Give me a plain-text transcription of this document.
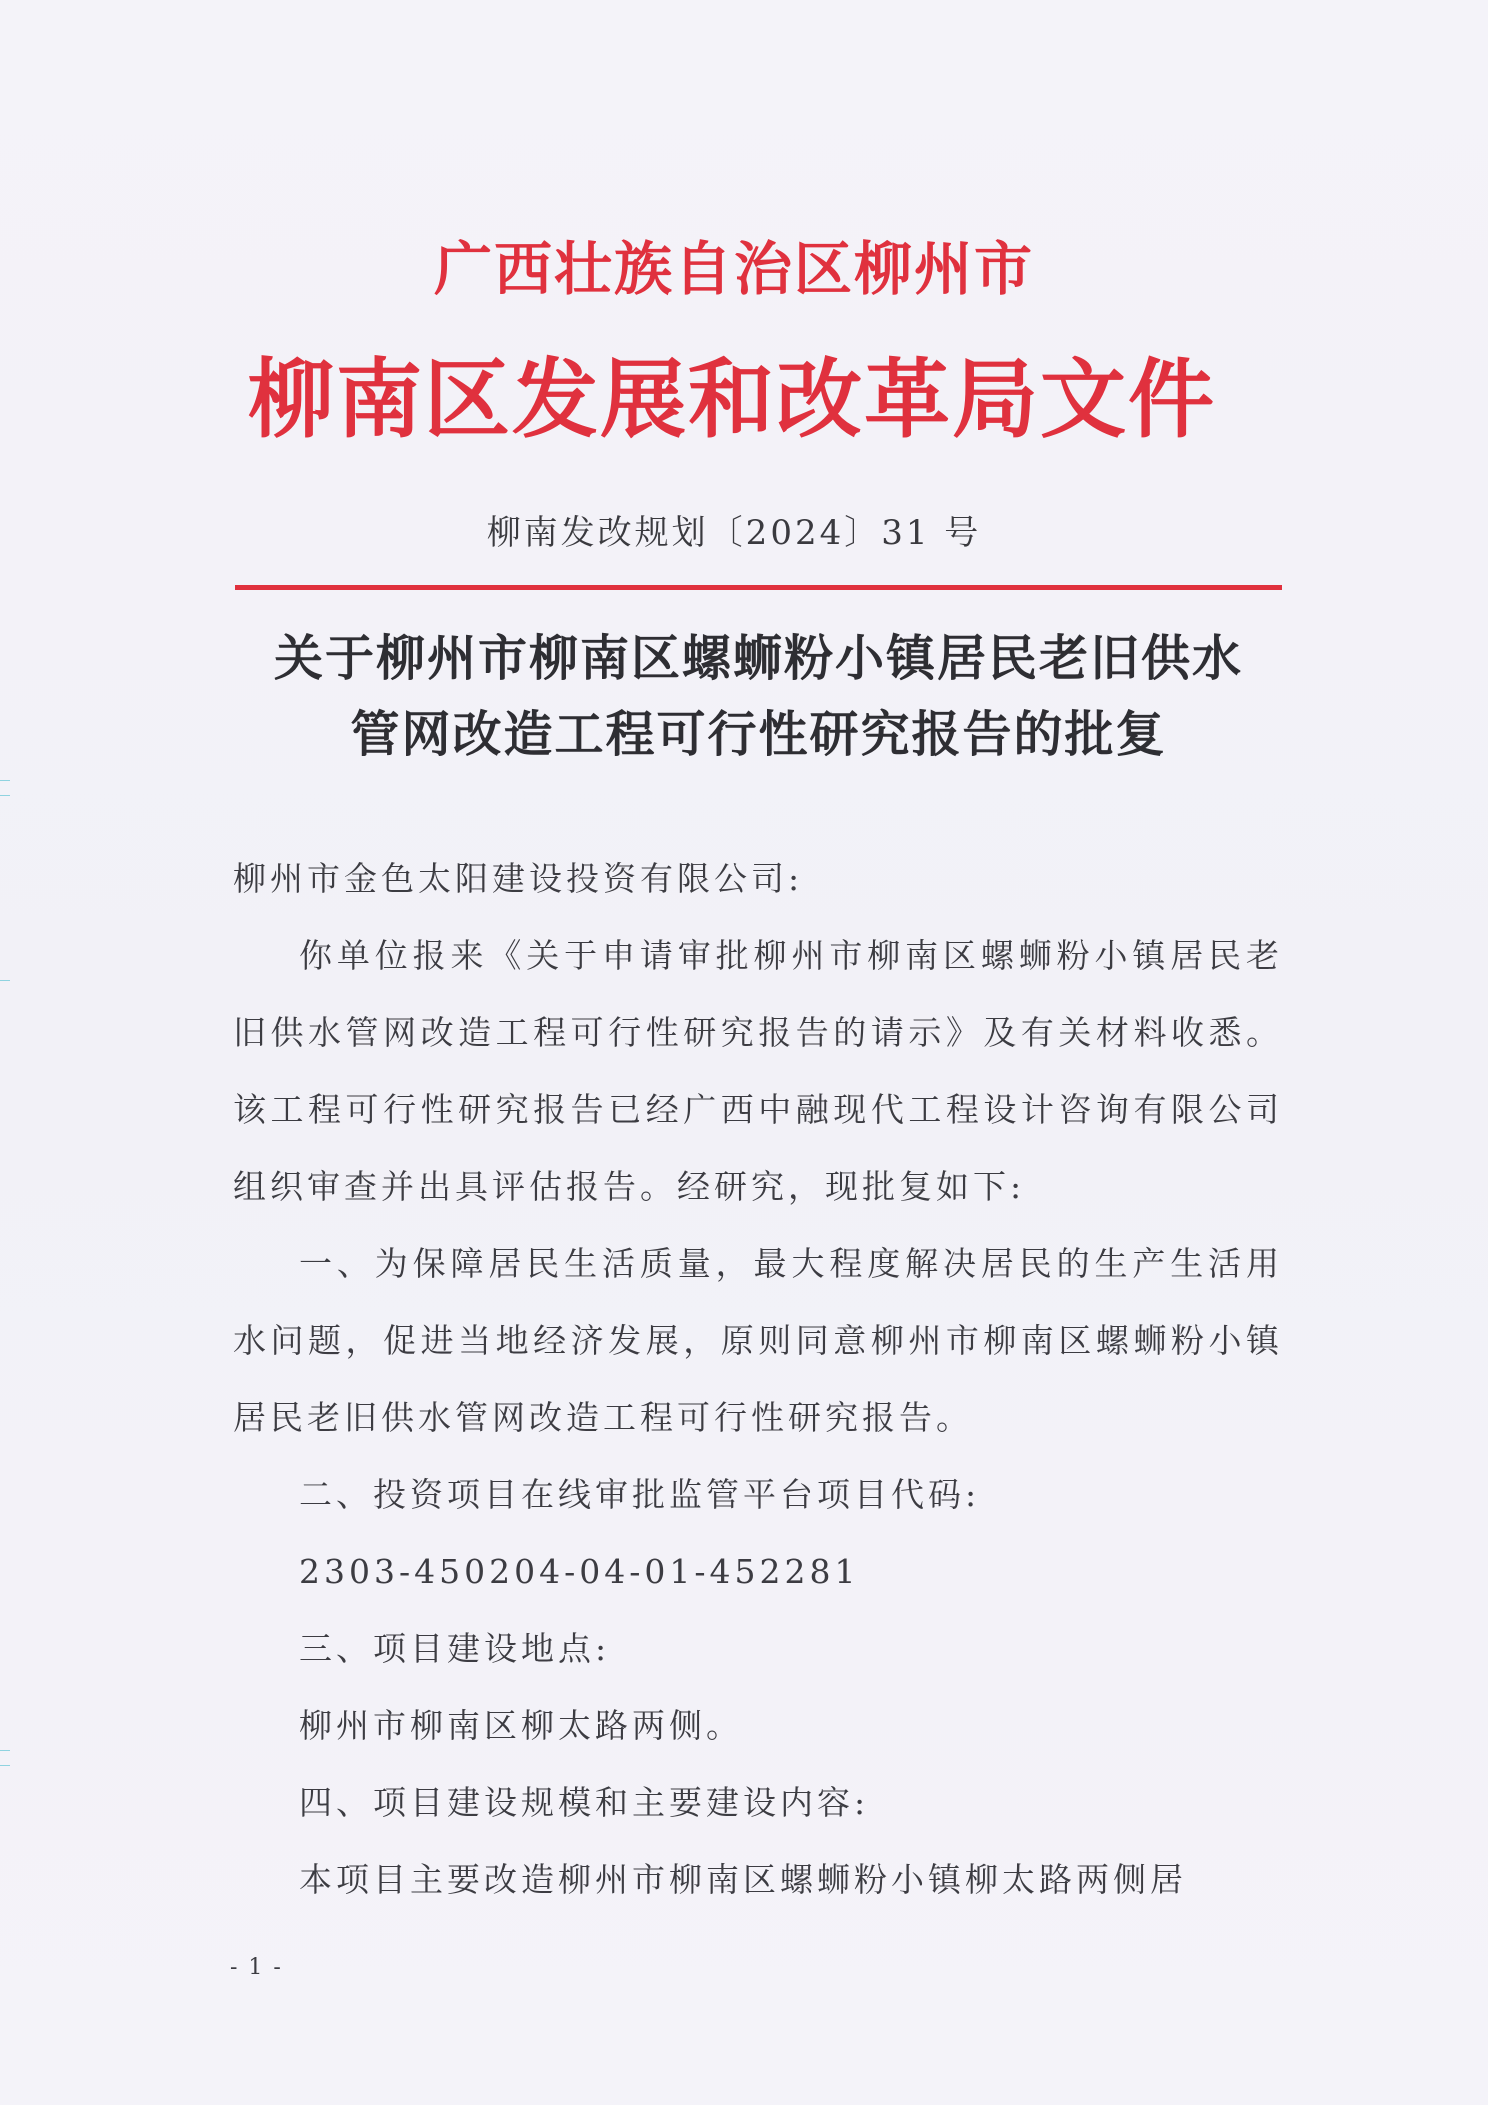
广西壮族自治区柳州市
柳南区发展和改革局文件
柳南发改规划〔2024〕31 号
关于柳州市柳南区螺蛳粉小镇居民老旧供水
管网改造工程可行性研究报告的批复

柳州市金色太阳建设投资有限公司:

你单位报来《关于申请审批柳州市柳南区螺蛳粉小镇居民老旧供水管网改造工程可行性研究报告的请示》及有关材料收悉。该工程可行性研究报告已经广西中融现代工程设计咨询有限公司组织审查并出具评估报告。经研究，现批复如下:

一、为保障居民生活质量，最大程度解决居民的生产生活用水问题，促进当地经济发展，原则同意柳州市柳南区螺蛳粉小镇居民老旧供水管网改造工程可行性研究报告。

二、投资项目在线审批监管平台项目代码:

2303-450204-04-01-452281

三、项目建设地点:

柳州市柳南区柳太路两侧。

四、项目建设规模和主要建设内容:

本项目主要改造柳州市柳南区螺蛳粉小镇柳太路两侧居

- 1 -
